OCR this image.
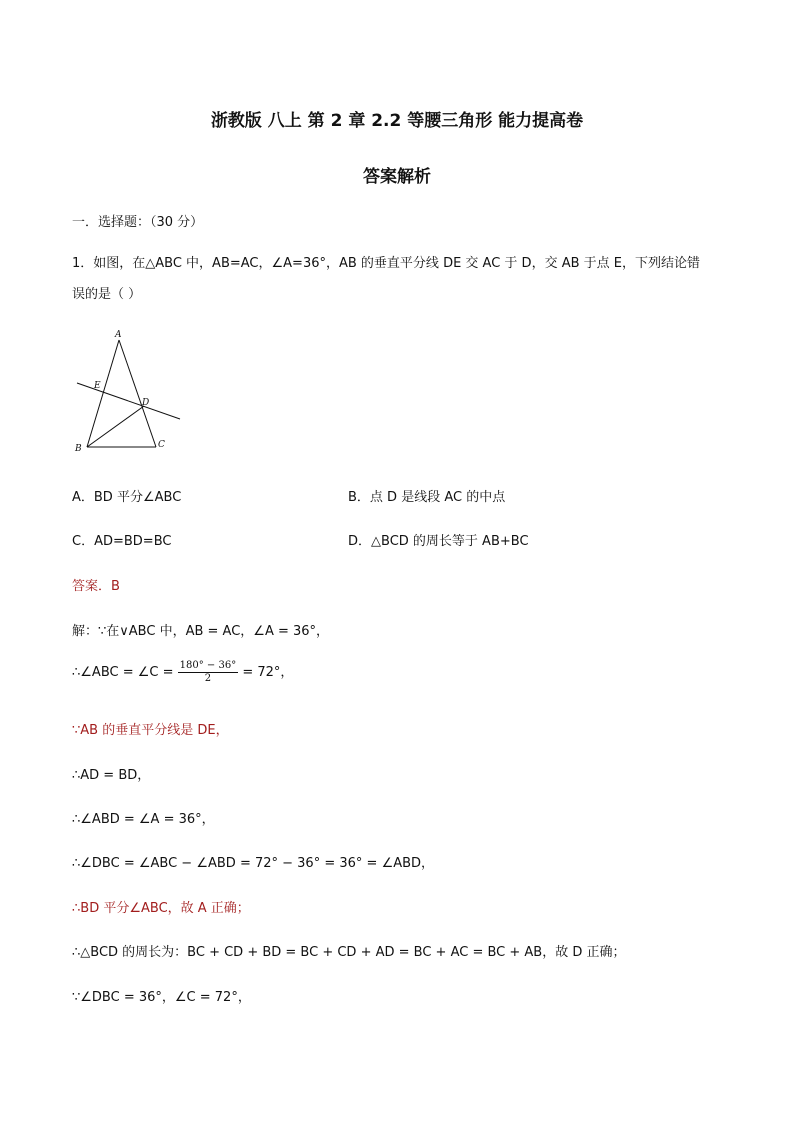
浙教版 八上 第 2 章 2.2 等腰三角形 能力提高卷
答案解析
一．选择题：（30 分）
1．如图，在△ABC 中，AB=AC，∠A=36°，AB 的垂直平分线 DE 交 AC 于 D，交 AB 于点 E，下列结论错
误的是（ ）
A
E
D
B	C
A．BD 平分∠ABC	B．点 D 是线段 AC 的中点
C．AD=BD=BC	D．△BCD 的周长等于 AB+BC
答案．B
解：∵在∨ABC 中，AB = AC，∠A = 36°，
∴∠ABC = ∠C = $\frac{180^\circ - 36^\circ}{2} = 72^\circ$，
∵AB 的垂直平分线是 DE，
∴AD = BD，
∴∠ABD = ∠A = 36°，
∴∠DBC = ∠ABC − ∠ABD = 72° − 36° = 36° = ∠ABD，
∴BD 平分∠ABC，故 A 正确；
∴△BCD 的周长为：BC + CD + BD = BC + CD + AD = BC + AC = BC + AB，故 D 正确；
∵∠DBC = 36°，∠C = 72°，
